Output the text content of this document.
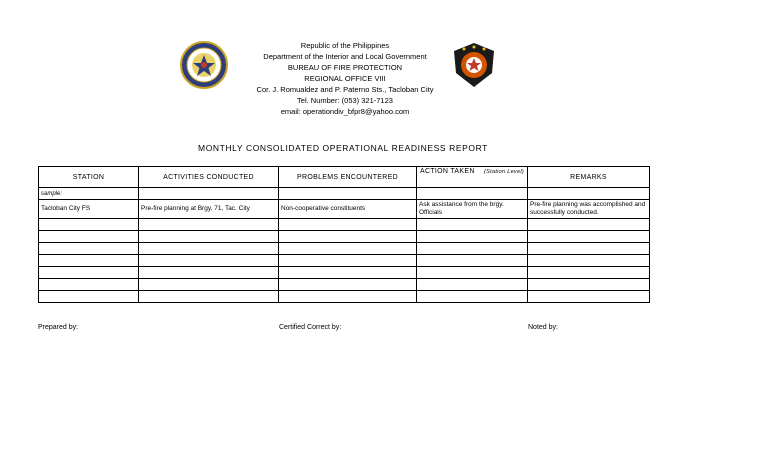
Republic of the Philippines
Department of the Interior and Local Government
BUREAU OF FIRE PROTECTION
REGIONAL OFFICE VIII
Cor. J. Romualdez and P. Paterno Sts., Tacloban City
Tel. Number: (053) 321-7123
email: operationdiv_bfpr8@yahoo.com
MONTHLY CONSOLIDATED OPERATIONAL READINESS REPORT
STATION	ACTIVITIES CONDUCTED	PROBLEMS ENCOUNTERED	ACTION TAKEN (Station Level)	REMARKS
sample:				
Tacloban City FS	Pre-fire planning at Brgy. 71, Tac. City	Non-cooperative constituents	Ask assistance from the brgy. Officials	Pre-fire planning was accomplished and successfully conducted.

Prepared by:	Certified Correct by:	Noted by:
